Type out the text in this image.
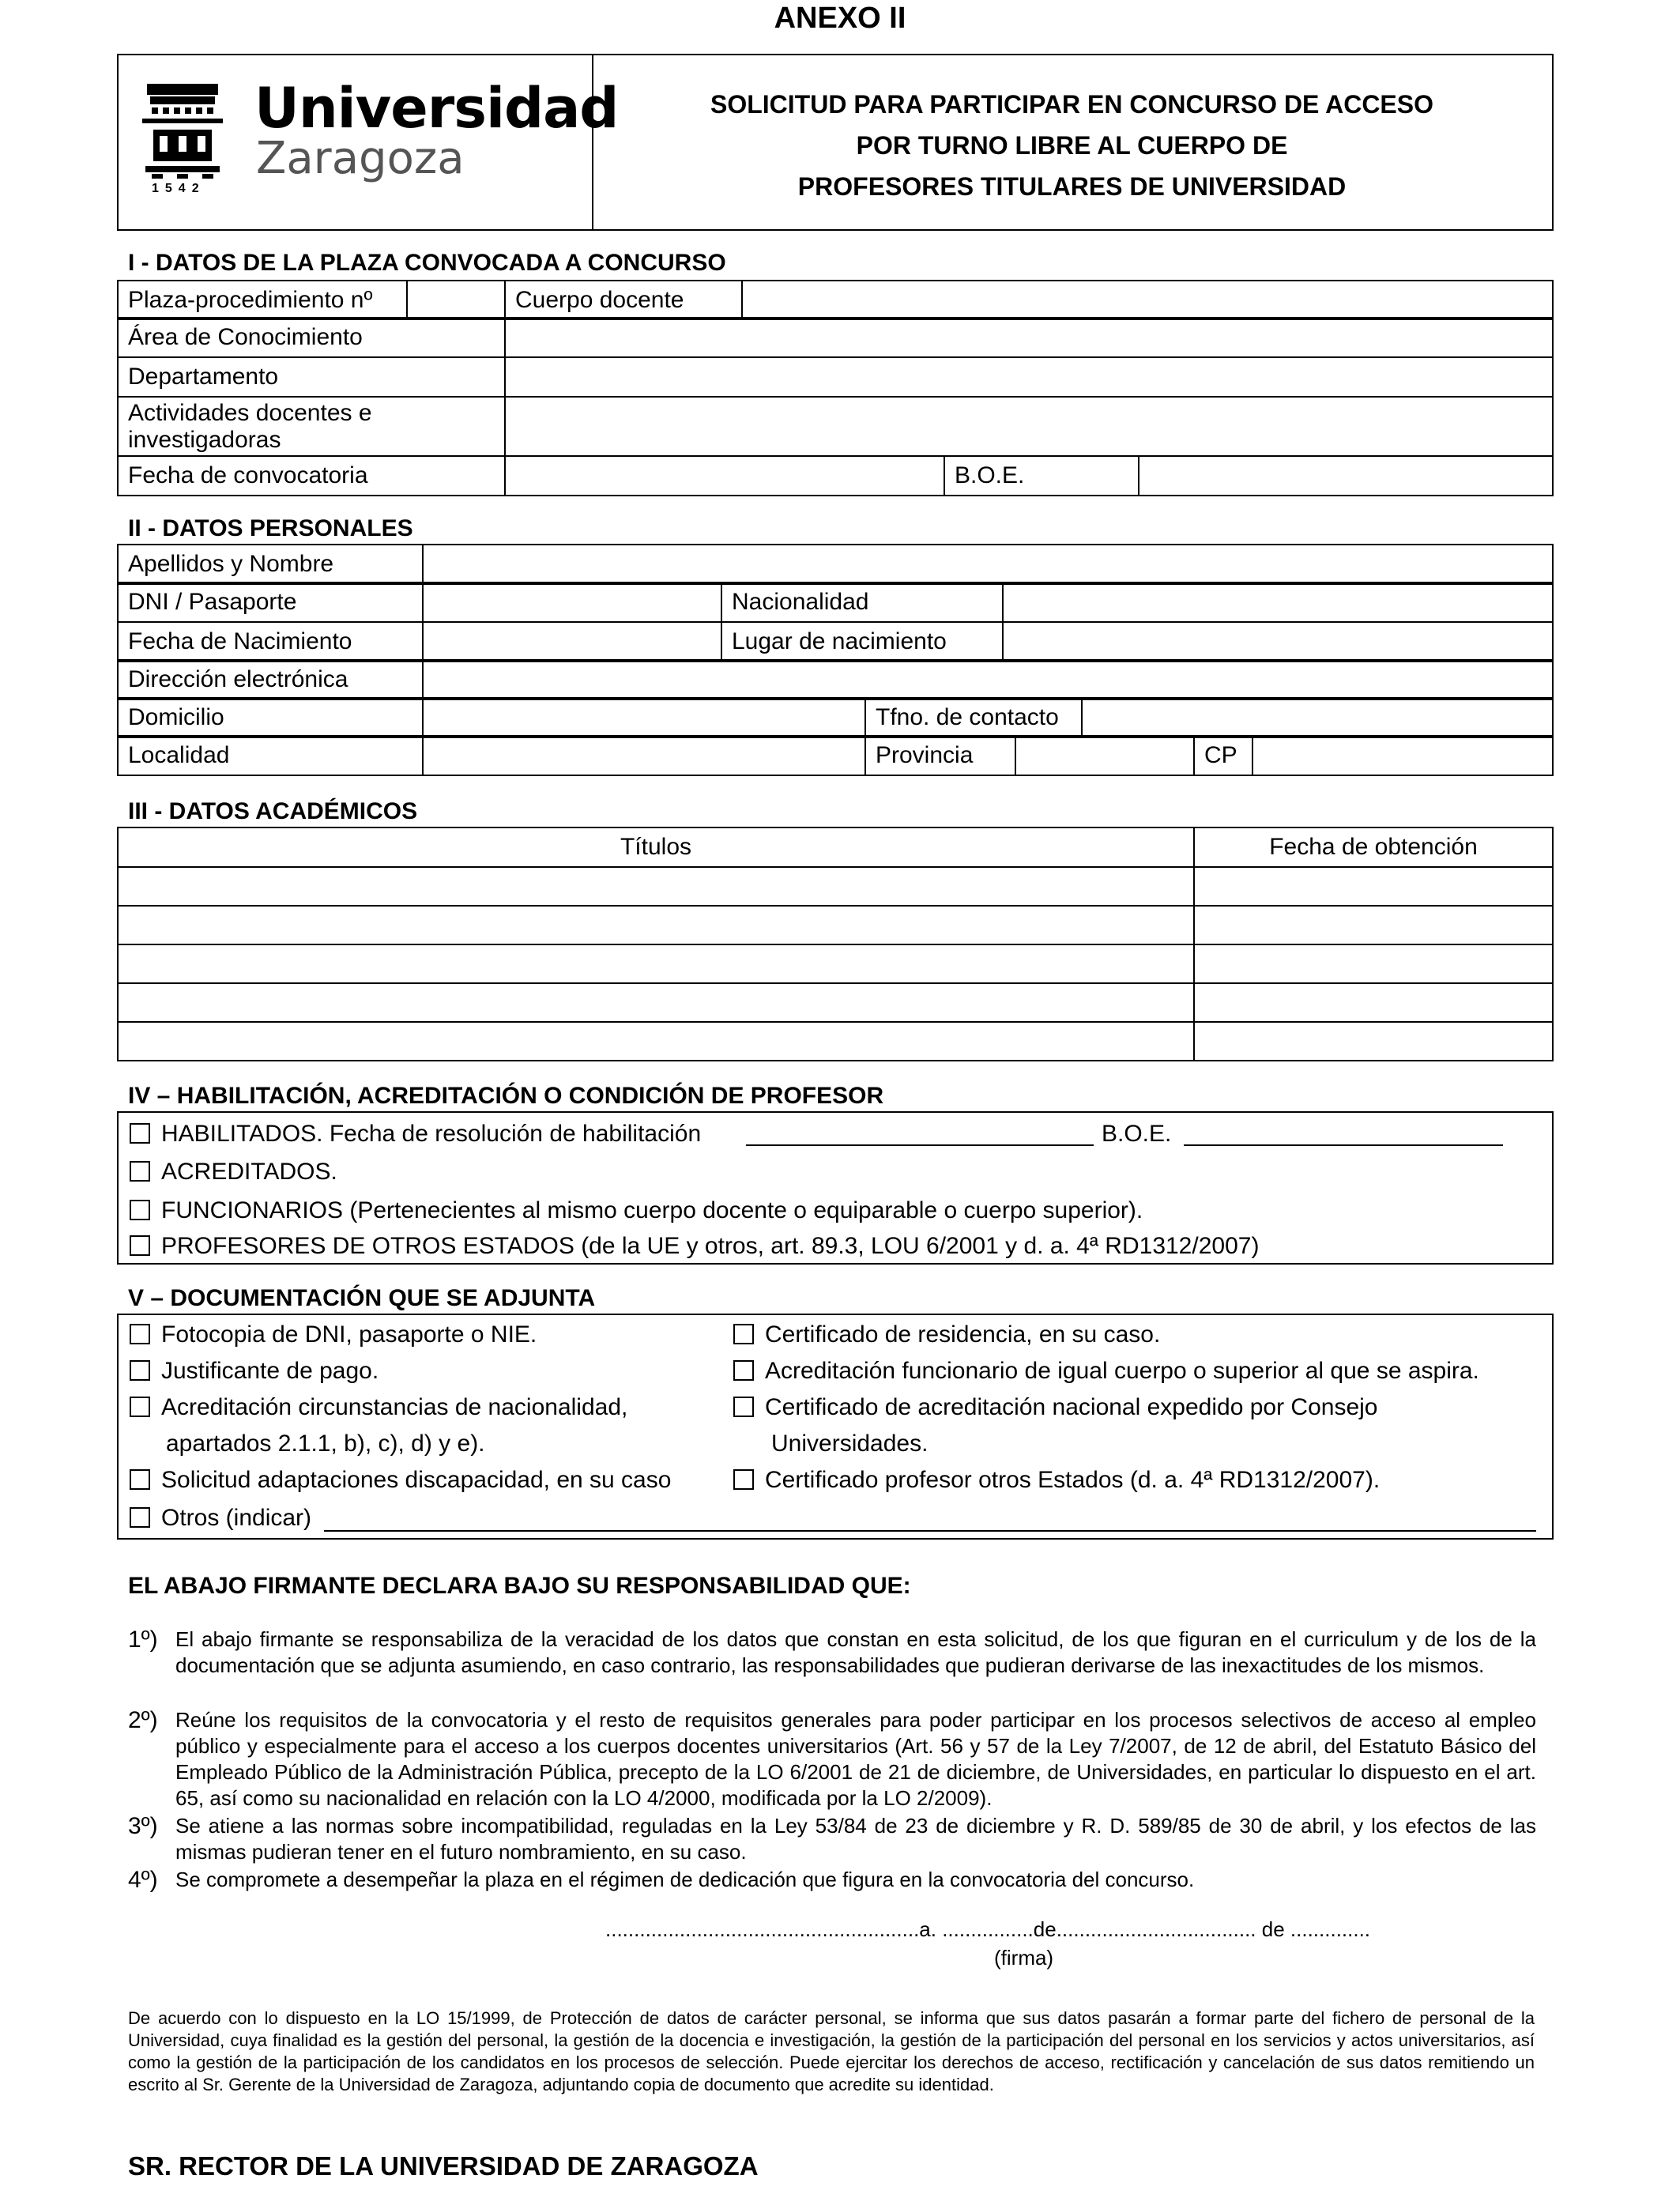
ANEXO II
Universidad
Zaragoza
1542
SOLICITUD PARA PARTICIPAR EN CONCURSO DE ACCESO
POR TURNO LIBRE AL CUERPO DE
PROFESORES TITULARES DE UNIVERSIDAD
I - DATOS DE LA PLAZA CONVOCADA A CONCURSO
Plaza-procedimiento nº		Cuerpo docente	
Área de Conocimiento	
Departamento	

Actividades docentes e
investigadoras	

Fecha de convocatoria		B.O.E.	
II - DATOS PERSONALES
Apellidos y Nombre	
DNI / Pasaporte		Nacionalidad	
Fecha de Nacimiento		Lugar de nacimiento	
Dirección electrónica	
Domicilio		Tfno. de contacto	
Localidad		Provincia		CP	
III - DATOS ACADÉMICOS
Títulos	Fecha de obtención

IV – HABILITACIÓN, ACREDITACIÓN O CONDICIÓN DE PROFESOR
HABILITADOS. Fecha de resolución de habilitación	B.O.E.
ACREDITADOS.
FUNCIONARIOS (Pertenecientes al mismo cuerpo docente o equiparable o cuerpo superior).
PROFESORES DE OTROS ESTADOS (de la UE y otros, art. 89.3, LOU 6/2001 y d. a. 4ª RD1312/2007)
V – DOCUMENTACIÓN QUE SE ADJUNTA
Fotocopia de DNI, pasaporte o NIE.
Justificante de pago.
Acreditación circunstancias de nacionalidad,
apartados 2.1.1, b), c), d) y e).
Solicitud adaptaciones discapacidad, en su caso
Otros (indicar)
Certificado de residencia, en su caso.
Acreditación funcionario de igual cuerpo o superior al que se aspira.
Certificado de acreditación nacional expedido por Consejo
Universidades.
Certificado profesor otros Estados (d. a. 4ª RD1312/2007).
EL ABAJO FIRMANTE DECLARA BAJO SU RESPONSABILIDAD QUE:
1º) El abajo firmante se responsabiliza de la veracidad de los datos que constan en esta solicitud, de los que figuran en el curriculum y de los de la documentación que se adjunta asumiendo, en caso contrario, las responsabilidades que pudieran derivarse de las inexactitudes de los mismos.
2º) Reúne los requisitos de la convocatoria y el resto de requisitos generales para poder participar en los procesos selectivos de acceso al empleo público y especialmente para el acceso a los cuerpos docentes universitarios (Art. 56 y 57 de la Ley 7/2007, de 12 de abril, del Estatuto Básico del Empleado Público de la Administración Pública, precepto de la LO 6/2001 de 21 de diciembre, de Universidades, en particular lo dispuesto en el art. 65, así como su nacionalidad en relación con la LO 4/2000, modificada por la LO 2/2009).
3º) Se atiene a las normas sobre incompatibilidad, reguladas en la Ley 53/84 de 23 de diciembre y R. D. 589/85 de 30 de abril, y los efectos de las mismas pudieran tener en el futuro nombramiento, en su caso.
4º) Se compromete a desempeñar la plaza en el régimen de dedicación que figura en la convocatoria del concurso.
.......................................................a. ................de................................... de ..............
(firma)
De acuerdo con lo dispuesto en la LO 15/1999, de Protección de datos de carácter personal, se informa que sus datos pasarán a formar parte del fichero de personal de la Universidad, cuya finalidad es la gestión del personal, la gestión de la docencia e investigación, la gestión de la participación del personal en los servicios y actos universitarios, así como la gestión de la participación de los candidatos en los procesos de selección. Puede ejercitar los derechos de acceso, rectificación y cancelación de sus datos remitiendo un escrito al Sr. Gerente de la Universidad de Zaragoza, adjuntando copia de documento que acredite su identidad.
SR. RECTOR DE LA UNIVERSIDAD DE ZARAGOZA
